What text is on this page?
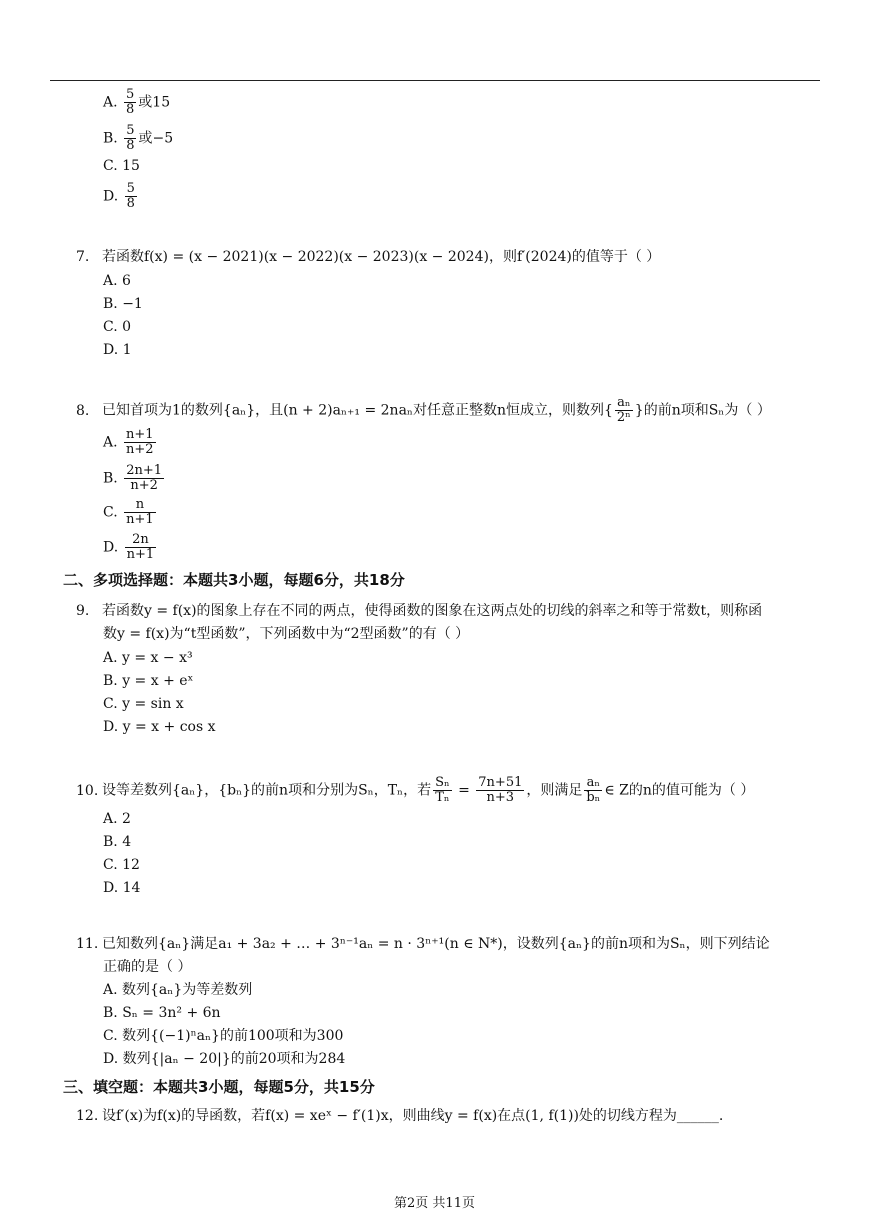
A. $\frac{5}{8}$ 或15
B. $\frac{5}{8}$ 或−5
C. 15
D. $\frac{5}{8}$
7. 若函数f(x) = (x − 2021)(x − 2022)(x − 2023)(x − 2024)，则f′(2024)的值等于（ ）
A. 6
B. −1
C. 0
D. 1
8. 已知首项为1的数列{aₙ}，且(n + 2)aₙ₊₁ = 2naₙ对任意正整数n恒成立，则数列{ $\frac{\text{aₙ}}{\text{2ⁿ}}$ }的前n项和Sₙ为（ ）
A. $\frac{n+1}{n+2}$
B. $\frac{2n+1}{n+2}$
C. $\frac{n}{n+1}$
D. $\frac{2n}{n+1}$
二、多项选择题：本题共3小题，每题6分，共18分
9. 若函数y = f(x)的图象上存在不同的两点，使得函数的图象在这两点处的切线的斜率之和等于常数t，则称函
数y = f(x)为“t型函数”，下列函数中为“2型函数”的有（ ）
A. y = x − x³
B. y = x + eˣ
C. y = sin x
D. y = x + cos x
10. 设等差数列{aₙ}，{bₙ}的前n项和分别为Sₙ，Tₙ，若 $\frac{\text{Sₙ}}{\text{Tₙ}} = \frac{7n+51}{n+3}$ ，则满足 $\frac{\text{aₙ}}{\text{bₙ}}$ ∈ Z的n的值可能为（ ）
A. 2
B. 4
C. 12
D. 14
11. 已知数列{aₙ}满足a₁ + 3a₂ + … + 3ⁿ⁻¹aₙ = n · 3ⁿ⁺¹(n ∈ N*)，设数列{aₙ}的前n项和为Sₙ，则下列结论
正确的是（ ）
A. 数列{aₙ}为等差数列
B. Sₙ = 3n² + 6n
C. 数列{(−1)ⁿaₙ}的前100项和为300
D. 数列{|aₙ − 20|}的前20项和为284
三、填空题：本题共3小题，每题5分，共15分
12. 设f′(x)为f(x)的导函数，若f(x) = xeˣ − f′(1)x，则曲线y = f(x)在点(1, f(1))处的切线方程为______.
第2页 共11页
